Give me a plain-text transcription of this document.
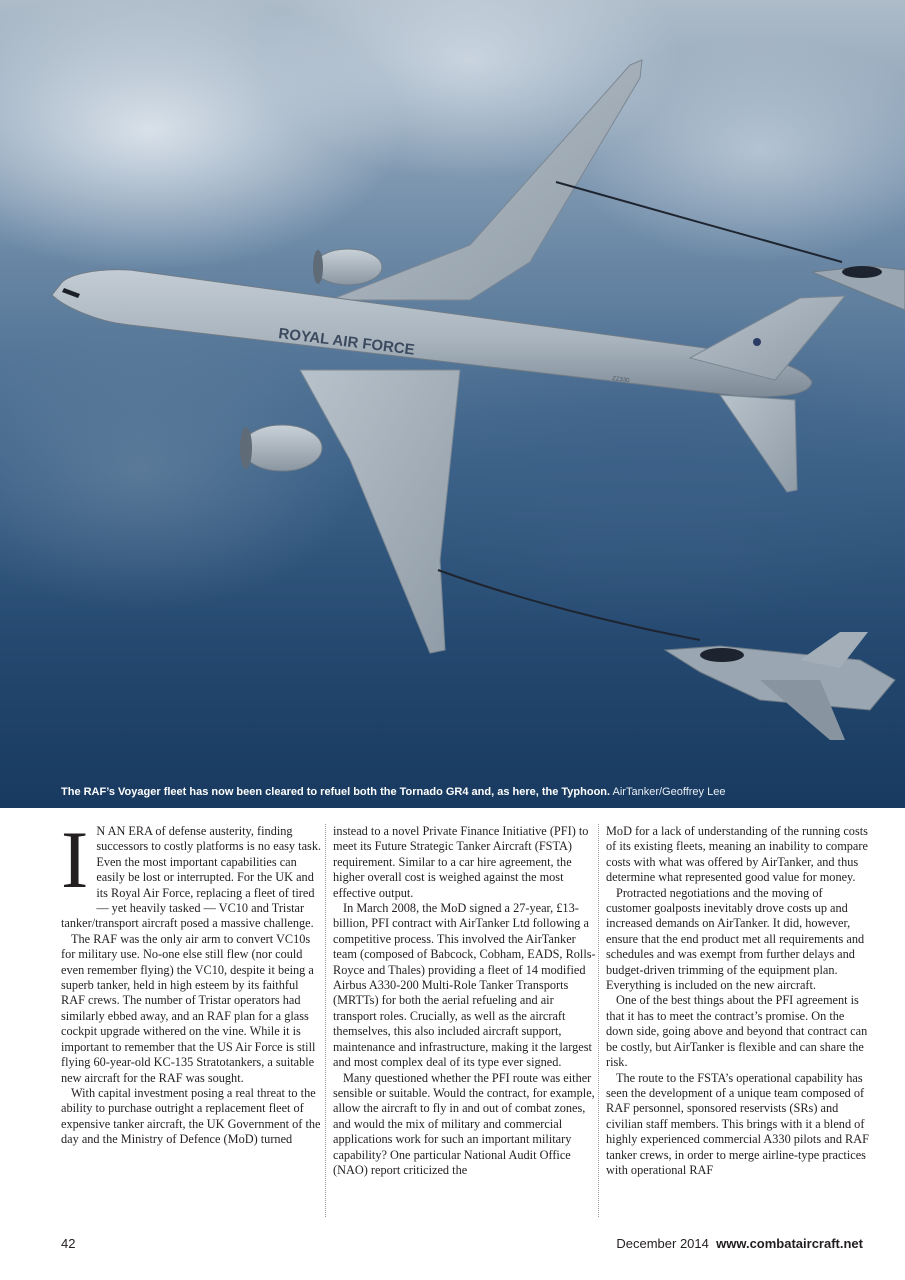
ROYAL AIR FORCE
ZZ330
The RAF’s Voyager fleet has now been cleared to refuel both the Tornado GR4 and, as here, the Typhoon. AirTanker/Geoffrey Lee
I N AN ERA of defense austerity, finding successors to costly platforms is no easy task. Even the most important capabilities can easily be lost or interrupted. For the UK and its Royal Air Force, replacing a fleet of tired — yet heavily tasked — VC10 and Tristar tanker/transport aircraft posed a massive challenge.

The RAF was the only air arm to convert VC10s for military use. No-one else still flew (nor could even remember flying) the VC10, despite it being a superb tanker, held in high esteem by its faithful RAF crews. The number of Tristar operators had similarly ebbed away, and an RAF plan for a glass cockpit upgrade withered on the vine. While it is important to remember that the US Air Force is still flying 60-year-old KC-135 Stratotankers, a suitable new aircraft for the RAF was sought.

With capital investment posing a real threat to the ability to purchase outright a replacement fleet of expensive tanker aircraft, the UK Government of the day and the Ministry of Defence (MoD) turned

instead to a novel Private Finance Initiative (PFI) to meet its Future Strategic Tanker Aircraft (FSTA) requirement. Similar to a car hire agreement, the higher overall cost is weighed against the most effective output.

In March 2008, the MoD signed a 27-year, £13-billion, PFI contract with AirTanker Ltd following a competitive process. This involved the AirTanker team (composed of Babcock, Cobham, EADS, Rolls-Royce and Thales) providing a fleet of 14 modified Airbus A330-200 Multi-Role Tanker Transports (MRTTs) for both the aerial refueling and air transport roles. Crucially, as well as the aircraft themselves, this also included aircraft support, maintenance and infrastructure, making it the largest and most complex deal of its type ever signed.

Many questioned whether the PFI route was either sensible or suitable. Would the contract, for example, allow the aircraft to fly in and out of combat zones, and would the mix of military and commercial applications work for such an important military capability? One particular National Audit Office (NAO) report criticized the

MoD for a lack of understanding of the running costs of its existing fleets, meaning an inability to compare costs with what was offered by AirTanker, and thus determine what represented good value for money.

Protracted negotiations and the moving of customer goalposts inevitably drove costs up and increased demands on AirTanker. It did, however, ensure that the end product met all requirements and schedules and was exempt from further delays and budget-driven trimming of the equipment plan. Everything is included on the new aircraft.

One of the best things about the PFI agreement is that it has to meet the contract’s promise. On the down side, going above and beyond that contract can be costly, but AirTanker is flexible and can share the risk.

The route to the FSTA’s operational capability has seen the development of a unique team composed of RAF personnel, sponsored reservists (SRs) and civilian staff members. This brings with it a blend of highly experienced commercial A330 pilots and RAF tanker crews, in order to merge airline-type practices with operational RAF

42	December 2014 www.combataircraft.net
